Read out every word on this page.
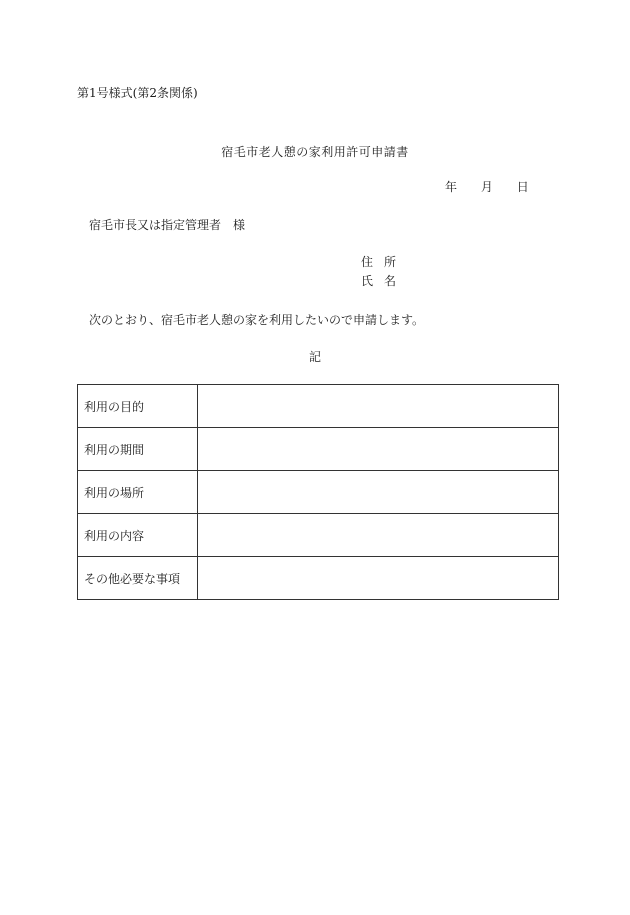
第1号様式(第2条関係)
宿毛市老人憩の家利用許可申請書
年 月 日
宿毛市長又は指定管理者　様
住所
氏名
次のとおり、宿毛市老人憩の家を利用したいので申請します。
記
利用の目的	
利用の期間	
利用の場所	
利用の内容	
その他必要な事項	
